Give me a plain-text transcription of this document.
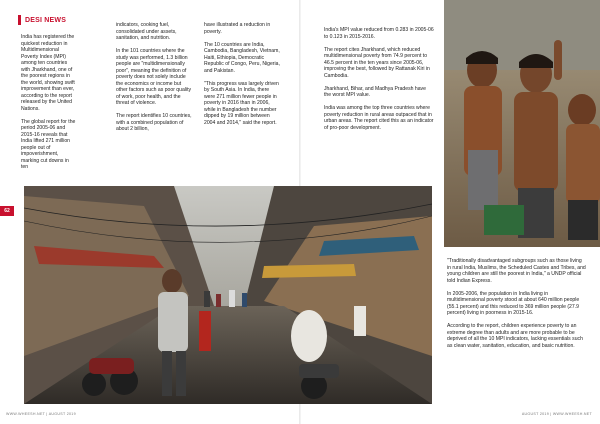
DESI NEWS

India has registered the quickest reduction in Multidimensional Poverty Index (MPI) among ten countries with Jharkhand, one of the poorest regions in the world, showing swift improvement than ever, according to the report released by the United Nations.

The global report for the period 2005-06 and 2015-16 reveals that India lifted 271 million people out of impoverishment, marking cut downs in ten

indicators, cooking fuel, consolidated under assets, sanitation, and nutrition.

In the 101 countries where the study was performed, 1.3 billion people are "multidimensionally poor", meaning the definition of poverty does not solely include the economics or income but other factors such as poor quality of work, poor health, and the threat of violence.

The report identifies 10 countries, with a combined population of about 2 billion,

have illustrated a reduction in poverty.

The 10 countries are India, Cambodia, Bangladesh, Vietnam, Haiti, Ethiopia, Democratic Republic of Congo, Peru, Nigeria, and Pakistan.

"This progress was largely driven by South Asia. In India, there were 271 million fewer people in poverty in 2016 than in 2006, while in Bangladesh the number dipped by 19 million between 2004 and 2014," said the report.

India's MPI value reduced from 0.283 in 2005-06 to 0.123 in 2015-2016.

The report cites Jharkhand, which reduced multidimensional poverty from 74.9 percent to 46.5 percent in the ten years since 2005-06, improving the best, followed by Rattanak Kiri in Cambodia.

Jharkhand, Bihar, and Madhya Pradesh have the worst MPI value.

India was among the top three countries where poverty reduction in rural areas outpaced that in urban areas. The report cited this as an indicator of pro-poor development.

"Traditionally disadvantaged subgroups such as those living in rural India, Muslims, the Scheduled Castes and Tribes, and young children are still the poorest in India," a UNDP official told Indian Express.

In 2005-2006, the population in India living in multidimensional poverty stood at about 640 million people (55.1 percent) and this reduced to 369 million people (27.9 percent) living in poorness in 2015-16.

According to the report, children experience poverty to an extreme degree than adults and are more probable to be deprived of all the 10 MPI indicators, lacking essentials such as clean water, sanitation, education, and basic nutrition.

62
WWW.WHEESH.NET | AUGUST 2019	AUGUST 2019 | WWW.WHEESH.NET
